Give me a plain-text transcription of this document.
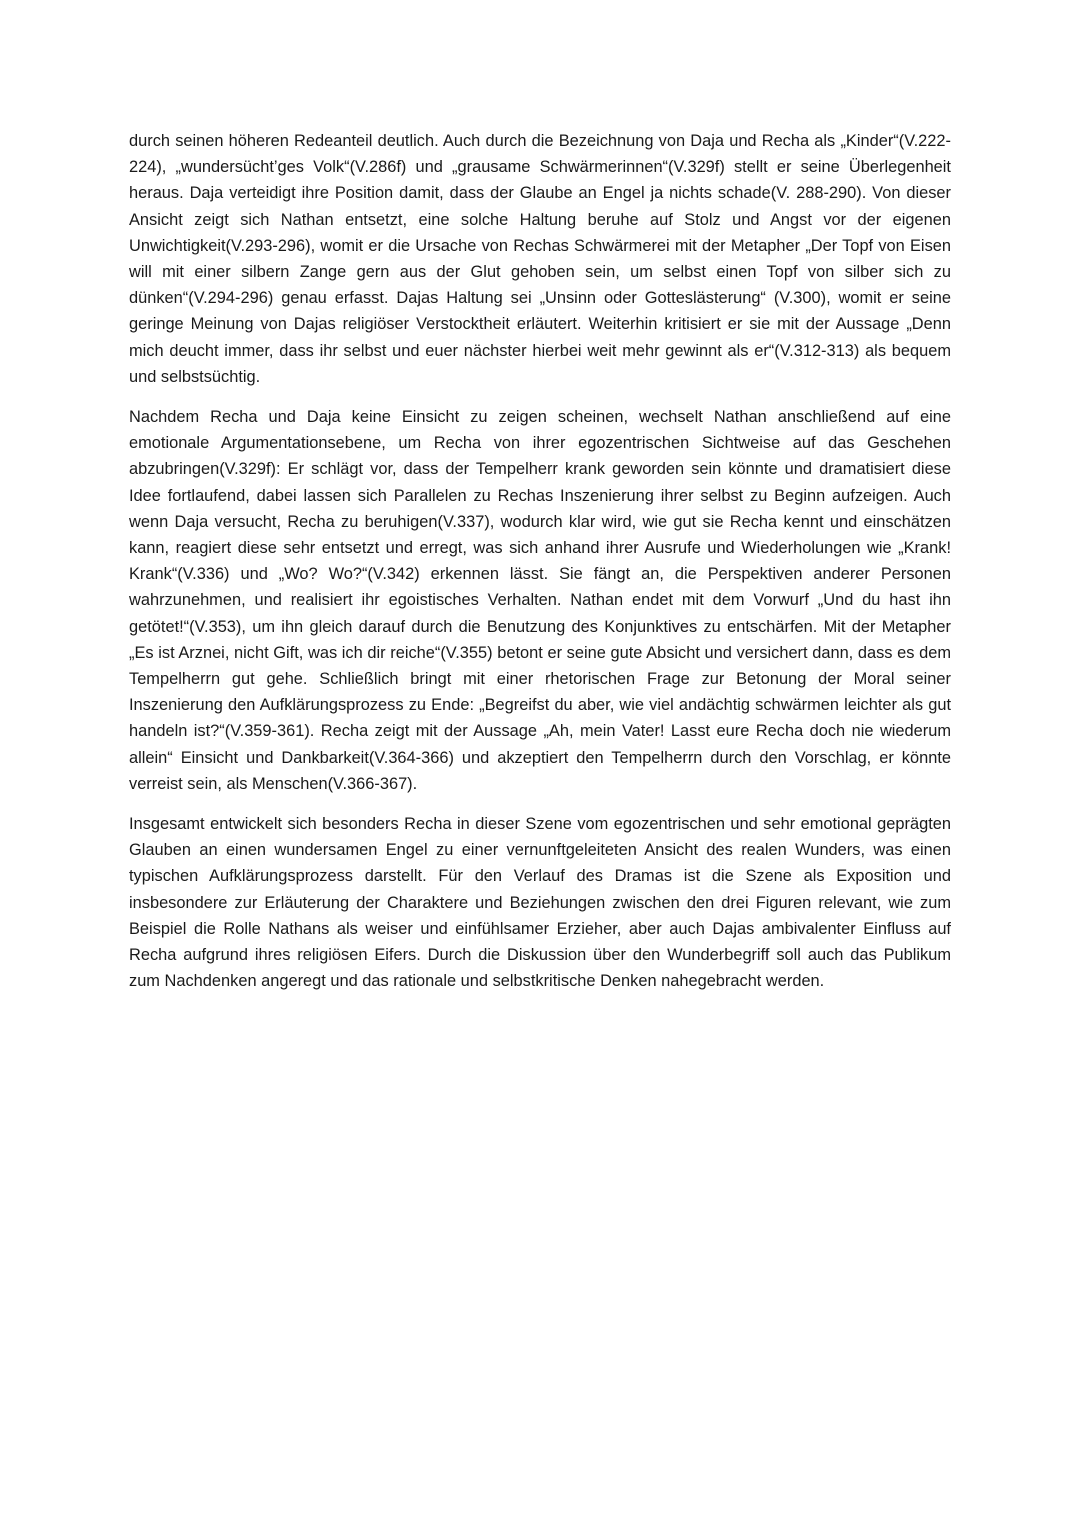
durch seinen höheren Redeanteil deutlich. Auch durch die Bezeichnung von Daja und Recha als „Kinder“(V.222-224), „wundersücht’ges Volk“(V.286f) und „grausame Schwärmerinnen“(V.329f) stellt er seine Überlegenheit heraus. Daja verteidigt ihre Position damit, dass der Glaube an Engel ja nichts schade(V. 288-290). Von dieser Ansicht zeigt sich Nathan entsetzt, eine solche Haltung beruhe auf Stolz und Angst vor der eigenen Unwichtigkeit(V.293-296), womit er die Ursache von Rechas Schwärmerei mit der Metapher „Der Topf von Eisen will mit einer silbern Zange gern aus der Glut gehoben sein, um selbst einen Topf von silber sich zu dünken“(V.294-296) genau erfasst. Dajas Haltung sei „Unsinn oder Gotteslästerung“ (V.300), womit er seine geringe Meinung von Dajas religiöser Verstocktheit erläutert. Weiterhin kritisiert er sie mit der Aussage „Denn mich deucht immer, dass ihr selbst und euer nächster hierbei weit mehr gewinnt als er“(V.312-313) als bequem und selbstsüchtig.

Nachdem Recha und Daja keine Einsicht zu zeigen scheinen, wechselt Nathan anschließend auf eine emotionale Argumentationsebene, um Recha von ihrer egozentrischen Sichtweise auf das Geschehen abzubringen(V.329f): Er schlägt vor, dass der Tempelherr krank geworden sein könnte und dramatisiert diese Idee fortlaufend, dabei lassen sich Parallelen zu Rechas Inszenierung ihrer selbst zu Beginn aufzeigen. Auch wenn Daja versucht, Recha zu beruhigen(V.337), wodurch klar wird, wie gut sie Recha kennt und einschätzen kann, reagiert diese sehr entsetzt und erregt, was sich anhand ihrer Ausrufe und Wiederholungen wie „Krank! Krank“(V.336) und „Wo? Wo?“(V.342) erkennen lässt. Sie fängt an, die Perspektiven anderer Personen wahrzunehmen, und realisiert ihr egoistisches Verhalten. Nathan endet mit dem Vorwurf „Und du hast ihn getötet!“(V.353), um ihn gleich darauf durch die Benutzung des Konjunktives zu entschärfen. Mit der Metapher „Es ist Arznei, nicht Gift, was ich dir reiche“(V.355) betont er seine gute Absicht und versichert dann, dass es dem Tempelherrn gut gehe. Schließlich bringt mit einer rhetorischen Frage zur Betonung der Moral seiner Inszenierung den Aufklärungsprozess zu Ende: „Begreifst du aber, wie viel andächtig schwärmen leichter als gut handeln ist?“(V.359-361). Recha zeigt mit der Aussage „Ah, mein Vater! Lasst eure Recha doch nie wiederum allein“ Einsicht und Dankbarkeit(V.364-366) und akzeptiert den Tempelherrn durch den Vorschlag, er könnte verreist sein, als Menschen(V.366-367).

Insgesamt entwickelt sich besonders Recha in dieser Szene vom egozentrischen und sehr emotional geprägten Glauben an einen wundersamen Engel zu einer vernunftgeleiteten Ansicht des realen Wunders, was einen typischen Aufklärungsprozess darstellt. Für den Verlauf des Dramas ist die Szene als Exposition und insbesondere zur Erläuterung der Charaktere und Beziehungen zwischen den drei Figuren relevant, wie zum Beispiel die Rolle Nathans als weiser und einfühlsamer Erzieher, aber auch Dajas ambivalenter Einfluss auf Recha aufgrund ihres religiösen Eifers. Durch die Diskussion über den Wunderbegriff soll auch das Publikum zum Nachdenken angeregt und das rationale und selbstkritische Denken nahegebracht werden.
